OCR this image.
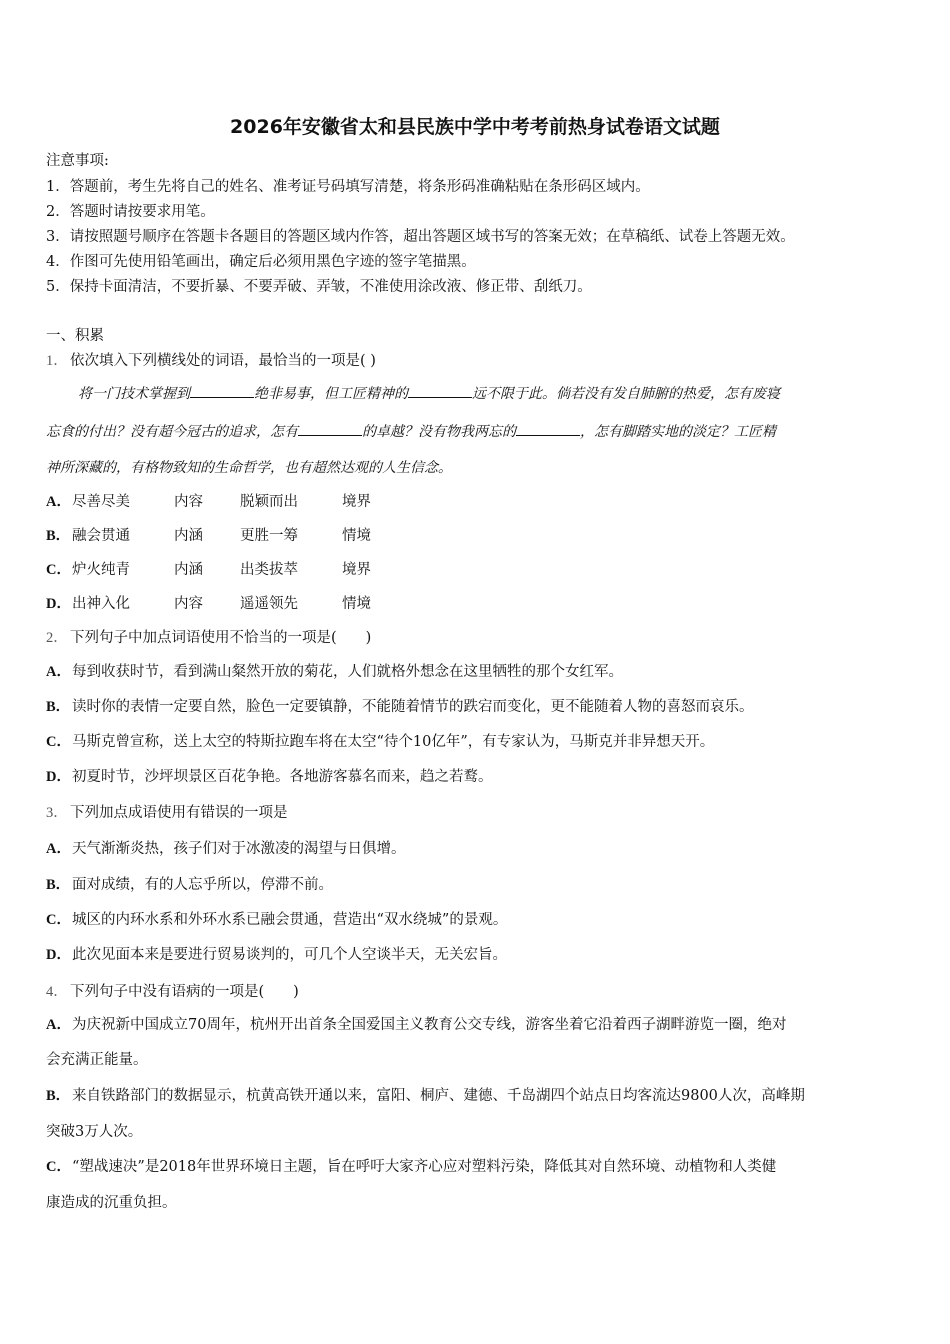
2026年安徽省太和县民族中学中考考前热身试卷语文试题
注意事项:
1．答题前，考生先将自己的姓名、准考证号码填写清楚，将条形码准确粘贴在条形码区域内。
2．答题时请按要求用笔。
3．请按照题号顺序在答题卡各题目的答题区域内作答，超出答题区域书写的答案无效；在草稿纸、试卷上答题无效。
4．作图可先使用铅笔画出，确定后必须用黑色字迹的签字笔描黑。
5．保持卡面清洁，不要折暴、不要弄破、弄皱，不准使用涂改液、修正带、刮纸刀。
一、积累
1． 依次填入下列横线处的词语，最恰当的一项是( )
将一门技术掌握到	绝非易事，但工匠精神的	远不限于此。倘若没有发自肺腑的热爱，怎有废寝
忘食的付出？没有超今冠古的追求，怎有	的卓越？没有物我两忘的	，怎有脚踏实地的淡定？工匠精
神所深藏的，有格物致知的生命哲学，也有超然达观的人生信念。
A．尽善尽美	内容	脱颖而出	境界
B． 融会贯通	内涵	更胜一筹	情境
C．炉火纯青	内涵	出类拔萃	境界
D．出神入化	内容	遥遥领先	情境
2． 下列句子中加点词语使用不恰当的一项是(　　)
A．每到收获时节，看到满山粲然开放的菊花，人们就格外想念在这里牺牲的那个女红军。
B． 读时你的表情一定要自然，脸色一定要镇静，不能随着情节的跌宕而变化，更不能随着人物的喜怒而哀乐。
C．马斯克曾宣称，送上太空的特斯拉跑车将在太空“待个10亿年”，有专家认为，马斯克并非异想天开。
D．初夏时节，沙坪坝景区百花争艳。各地游客慕名而来，趋之若鹜。
3． 下列加点成语使用有错误的一项是
A．天气渐渐炎热，孩子们对于冰激凌的渴望与日俱增。
B． 面对成绩，有的人忘乎所以，停滞不前。
C．城区的内环水系和外环水系已融会贯通，营造出“双水绕城”的景观。
D．此次见面本来是要进行贸易谈判的，可几个人空谈半天，无关宏旨。
4． 下列句子中没有语病的一项是(　　)
A．为庆祝新中国成立70周年，杭州开出首条全国爱国主义教育公交专线，游客坐着它沿着西子湖畔游览一圈，绝对
会充满正能量。
B． 来自铁路部门的数据显示，杭黄高铁开通以来，富阳、桐庐、建德、千岛湖四个站点日均客流达9800人次，高峰期
突破3万人次。
C．“塑战速决”是2018年世界环境日主题，旨在呼吁大家齐心应对塑料污染，降低其对自然环境、动植物和人类健
康造成的沉重负担。
